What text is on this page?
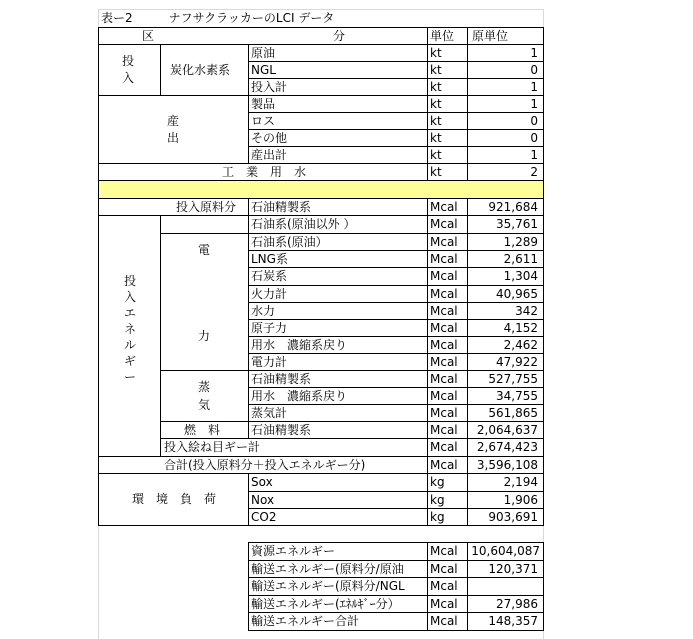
表ー2　　　ナフサクラッカーのLCI データ
区	分	単位 原単位
投
入
炭化水素系
原油	kt	1
NGL	kt	0
投入計	kt	1
産
出
製品	kt	1
ロス	kt	0
その他	kt	0
産出計	kt	1
工　業　用　水	kt	2
投入原料分 石油精製系	Mcal	921,684
投入エネルギー
電
力
蒸
気
燃　料
石油系(原油以外 ）	Mcal	35,761
石油系(原油）	Mcal	1,289
LNG系	Mcal	2,611
石炭系	Mcal	1,304
火力計	Mcal	40,965
水力	Mcal	342
原子力	Mcal	4,152
用水　濃縮系戻り	Mcal	2,462
電力計	Mcal	47,922
石油精製系	Mcal	527,755
用水　濃縮系戻り	Mcal	34,755
蒸気計	Mcal	561,865
石油精製系	Mcal	2,064,637
投入絵ね目ギー計	Mcal	2,674,423
合計(投入原料分＋投入エネルギー分)	Mcal	3,596,108
環　境　負　荷
Sox	kg	2,194
Nox	kg	1,906
CO2	kg	903,691
資源エネルギー	Mcal 10,604,087
輸送エネルギー(原料分/原油	Mcal	120,371
輸送エネルギー(原料分/NGL	Mcal
輸送エネルギー(ｴﾈﾙｷﾞｰ分）	Mcal	27,986
輸送エネルギー合計	Mcal	148,357
